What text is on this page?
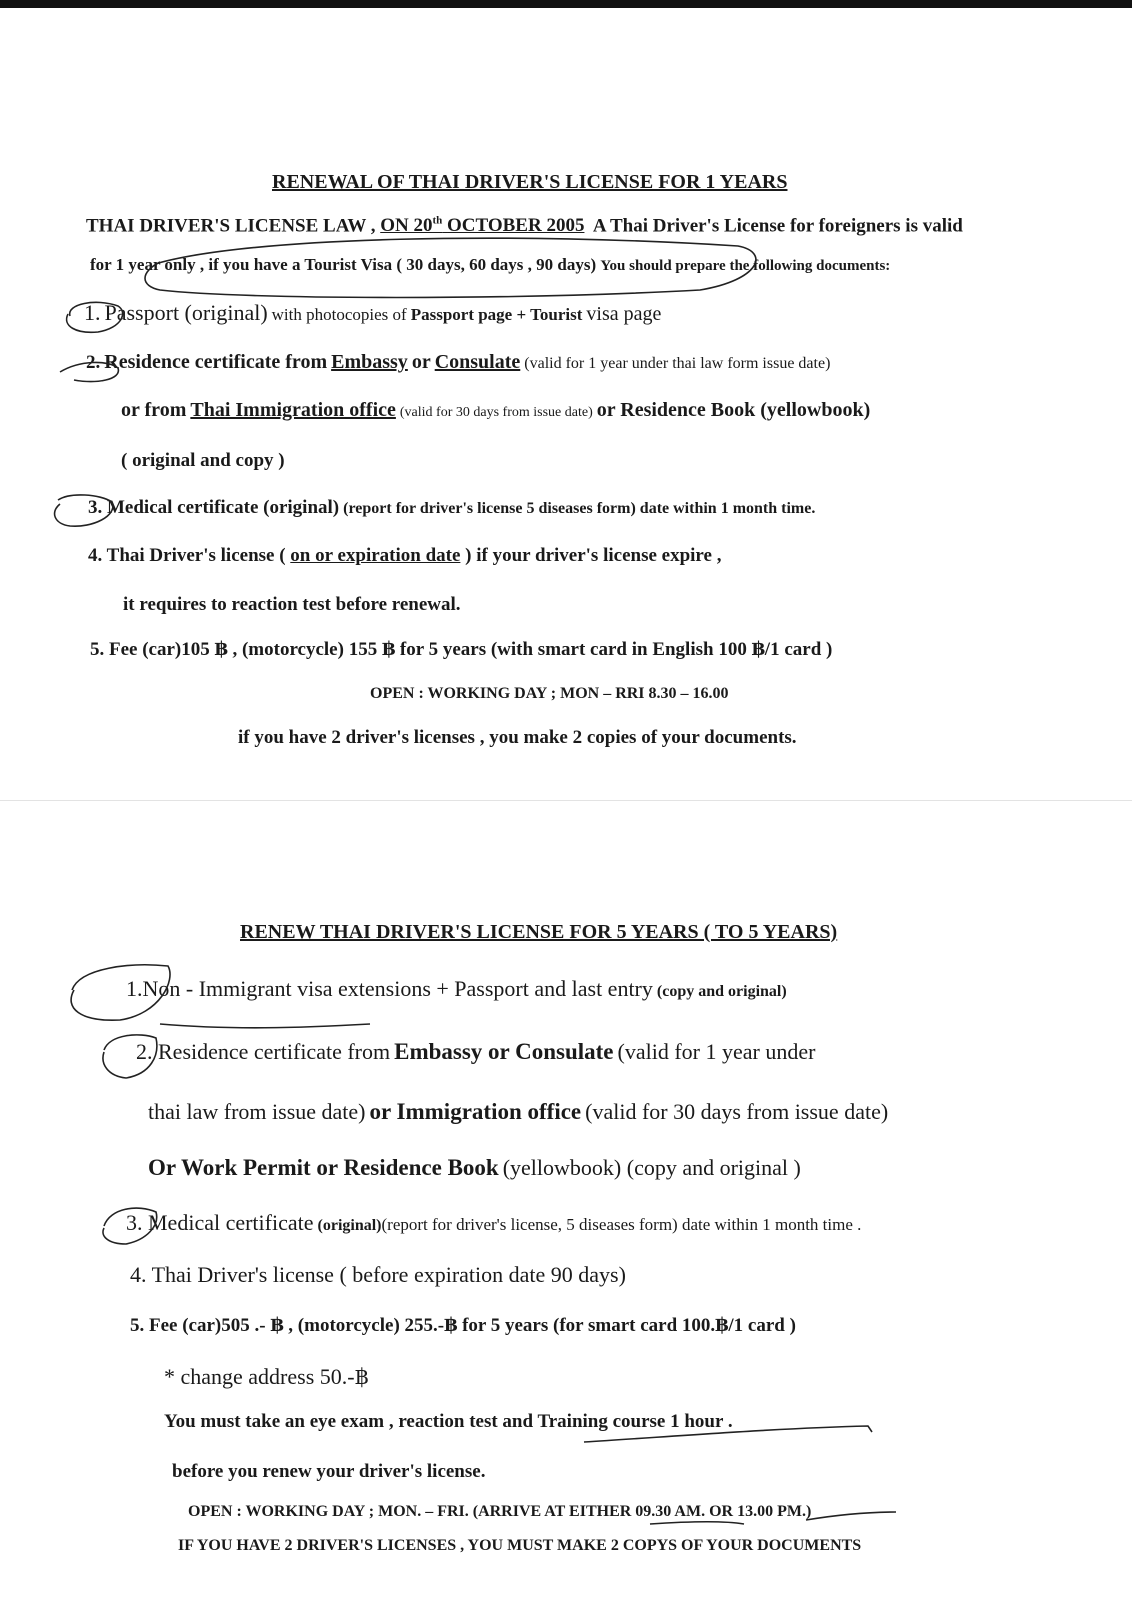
RENEWAL OF THAI DRIVER'S LICENSE FOR 1 YEARS
THAI DRIVER'S LICENSE LAW , ON 20th OCTOBER 2005 A Thai Driver's License for foreigners is valid
for 1 year only , if you have a Tourist Visa ( 30 days, 60 days , 90 days) You should prepare the following documents:
1. Passport (original) with photocopies of Passport page + Tourist visa page
2. Residence certificate from Embassy or Consulate (valid for 1 year under thai law form issue date)
or from Thai Immigration office (valid for 30 days from issue date) or Residence Book (yellowbook)
( original and copy )
3. Medical certificate (original) (report for driver's license 5 diseases form) date within 1 month time.
4. Thai Driver's license ( on or expiration date ) if your driver's license expire ,
it requires to reaction test before renewal.
5. Fee (car)105 ฿ , (motorcycle) 155 ฿ for 5 years (with smart card in English 100 ฿/1 card )
OPEN : WORKING DAY ; MON – RRI 8.30 – 16.00
if you have 2 driver's licenses , you make 2 copies of your documents.
RENEW THAI DRIVER'S LICENSE FOR 5 YEARS ( TO 5 YEARS)
1.Non - Immigrant visa extensions + Passport and last entry (copy and original)
2. Residence certificate from Embassy or Consulate (valid for 1 year under
thai law from issue date) or Immigration office (valid for 30 days from issue date)
Or Work Permit or Residence Book (yellowbook) (copy and original )
3. Medical certificate (original)(report for driver's license, 5 diseases form) date within 1 month time .
4. Thai Driver's license ( before expiration date 90 days)
5. Fee (car)505 .- ฿ , (motorcycle) 255.-฿ for 5 years (for smart card 100.฿/1 card )
* change address 50.-฿
You must take an eye exam , reaction test and Training course 1 hour .
before you renew your driver's license.
OPEN : WORKING DAY ; MON. – FRI. (ARRIVE AT EITHER 09.30 AM. OR 13.00 PM.)
IF YOU HAVE 2 DRIVER'S LICENSES , YOU MUST MAKE 2 COPYS OF YOUR DOCUMENTS
